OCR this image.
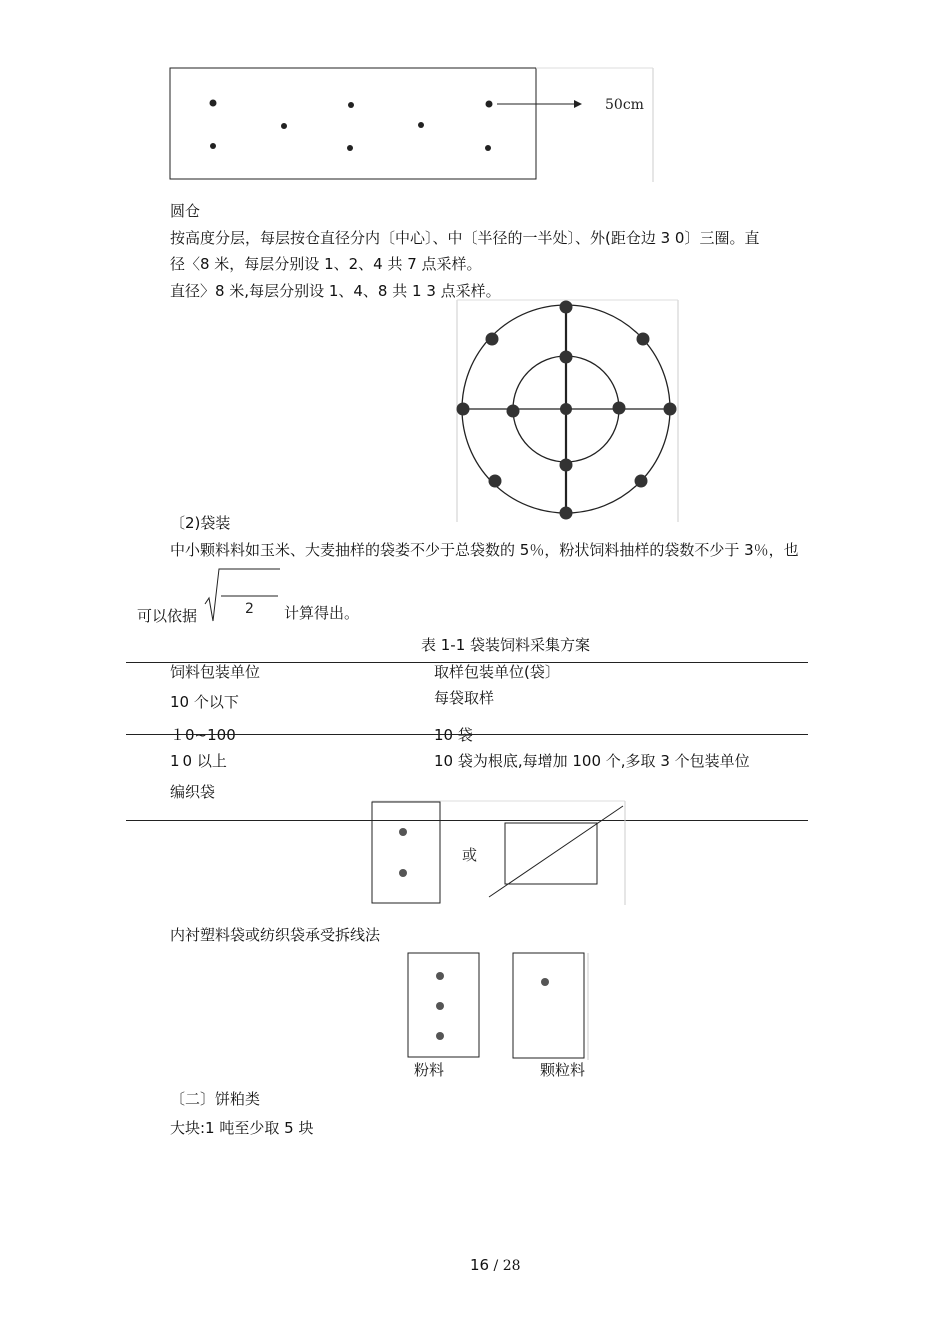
50cm
圆仓
按高度分层，每层按仓直径分内〔中心〕、中〔半径的一半处〕、外(距仓边 3 0〕三圈。直
径〈8 米，每层分别设 1、2、4 共 7 点采样。
直径〉8 米,每层分别设 1、4、8 共 1 3 点采样。
〔2)袋装
中小颗料料如玉米、大麦抽样的袋娄不少于总袋数的 5％，粉状饲料抽样的袋数不少于 3％，也
可以依据	2 计算得出。
表 1-1 袋装饲料采集方案
饲料包装单位	取样包装单位(袋〕
10 个以下	每袋取样
１0~100	10 袋
1 0 以上	10 袋为根底,每增加 100 个,多取 3 个包装单位
编织袋
或
内衬塑料袋或纺织袋承受拆线法
粉料	颗粒料
〔二〕饼粕类
大块:1 吨至少取 5 块
16 / 28
